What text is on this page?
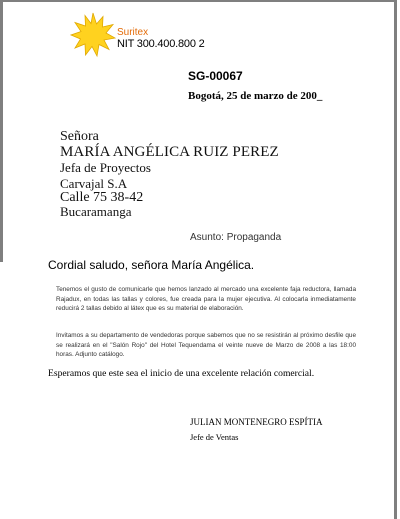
Suritex
NIT 300.400.800 2
SG-00067
Bogotá, 25 de marzo de 200_
Señora
MARÍA ANGÉLICA RUIZ PEREZ
Jefa de Proyectos
Carvajal S.A
Calle 75 38-42
Bucaramanga
Asunto: Propaganda
Cordial saludo, señora María Angélica.
Tenemos el gusto de comunicarle que hemos lanzado al mercado una excelente faja reductora, llamada Rajadux, en todas las tallas y colores, fue creada para la mujer ejecutiva. Al colocarla inmediatamente reducirá 2 tallas debido al látex que es su material de elaboración.
Invitamos a su departamento de vendedoras porque sabemos que no se resistirán al próximo desfile que se realizará en el "Salón Rojo" del Hotel Tequendama el veinte nueve de Marzo de 2008 a las 18:00 horas. Adjunto catálogo.
Esperamos que este sea el inicio de una excelente relación comercial.
JULIAN MONTENEGRO ESPÍTIA
Jefe de Ventas
